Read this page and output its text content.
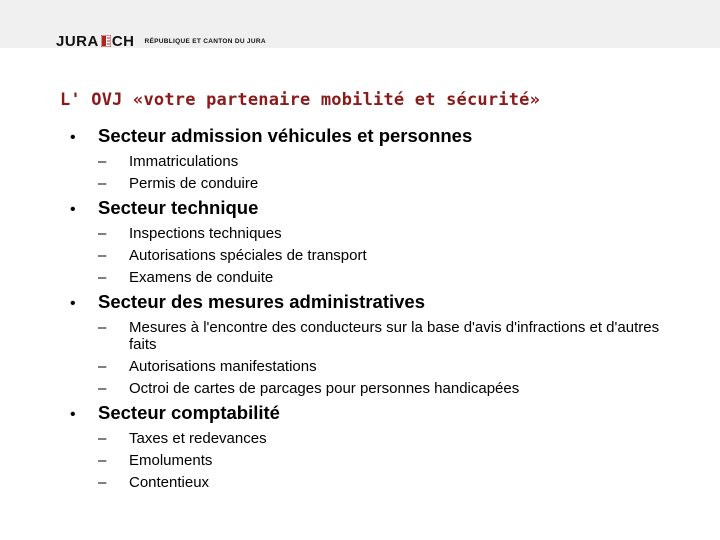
JURA CH RÉPUBLIQUE ET CANTON DU JURA
L' OVJ «votre partenaire mobilité et sécurité»
•	Secteur admission véhicules et personnes
–	Immatriculations
–	Permis de conduire
•	Secteur technique
–	Inspections techniques
–	Autorisations spéciales de transport
–	Examens de conduite
•	Secteur des mesures administratives
–	Mesures à l'encontre des conducteurs sur la base d'avis d'infractions et d'autres faits
–	Autorisations manifestations
–	Octroi de cartes de parcages pour personnes handicapées
•	Secteur comptabilité
–	Taxes et redevances
–	Emoluments
–	Contentieux
